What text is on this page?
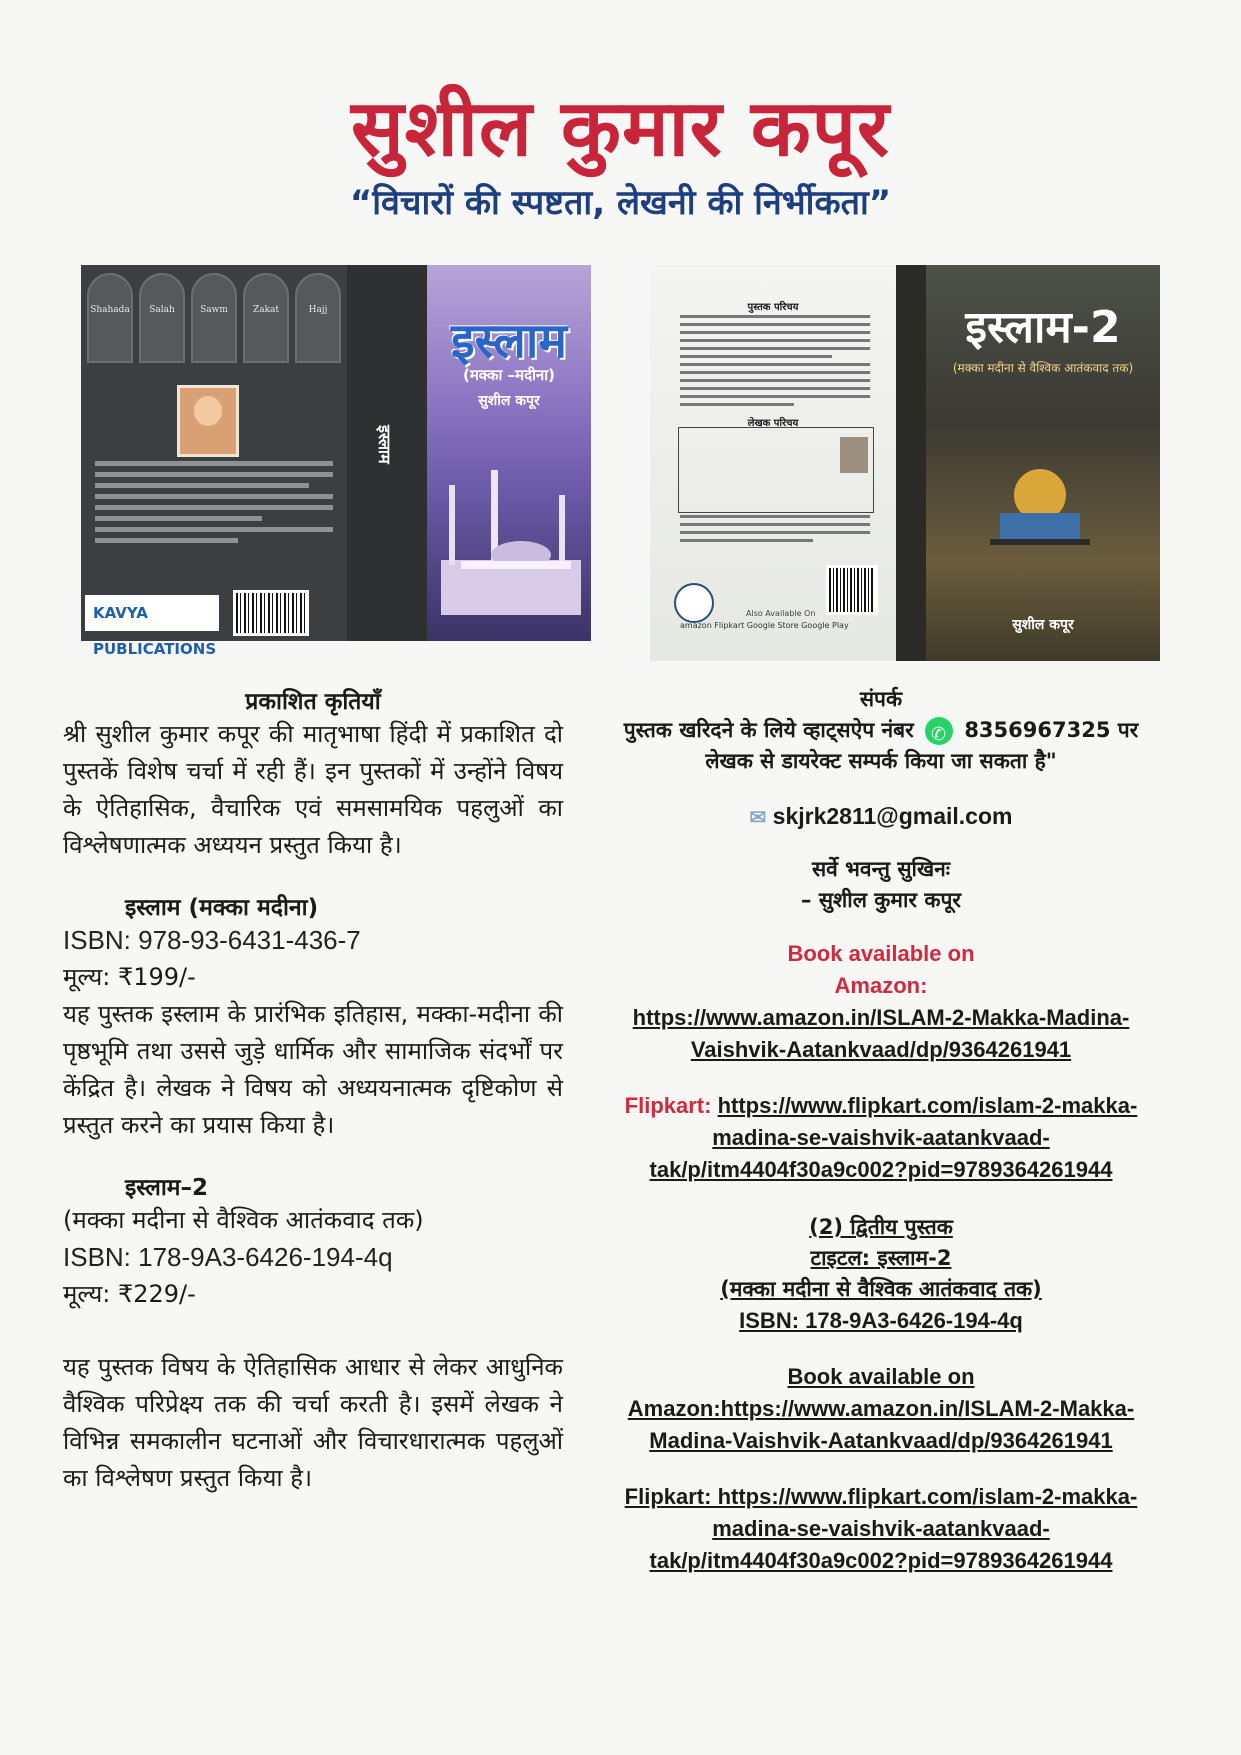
सुशील कुमार कपूर
“विचारों की स्पष्टता, लेखनी की निर्भीकता”
Shahada	Salah	Sawm	Zakat	Hajj
KAVYA PUBLICATIONS
इस्लाम
इस्लाम
(मक्का –मदीना)
सुशील कपूर
पुस्तक परिचय
लेखक परिचय
Also Available On
amazon Flipkart Google Store Google Play
इस्लाम-2
(मक्का मदीना से वैश्विक आतंकवाद तक)
सुशील कपूर
प्रकाशित कृतियाँ
श्री सुशील कुमार कपूर की मातृभाषा हिंदी में प्रकाशित दो पुस्तकें विशेष चर्चा में रही हैं। इन पुस्तकों में उन्होंने विषय के ऐतिहासिक, वैचारिक एवं समसामयिक पहलुओं का विश्लेषणात्मक अध्ययन प्रस्तुत किया है।
इस्लाम (मक्का मदीना)
ISBN: 978-93-6431-436-7
मूल्य: ₹199/-
यह पुस्तक इस्लाम के प्रारंभिक इतिहास, मक्का-मदीना की पृष्ठभूमि तथा उससे जुड़े धार्मिक और सामाजिक संदर्भों पर केंद्रित है। लेखक ने विषय को अध्ययनात्मक दृष्टिकोण से प्रस्तुत करने का प्रयास किया है।
इस्लाम–2
(मक्का मदीना से वैश्विक आतंकवाद तक)
ISBN: 178-9A3-6426-194-4q
मूल्य: ₹229/-
यह पुस्तक विषय के ऐतिहासिक आधार से लेकर आधुनिक वैश्विक परिप्रेक्ष्य तक की चर्चा करती है। इसमें लेखक ने विभिन्न समकालीन घटनाओं और विचारधारात्मक पहलुओं का विश्लेषण प्रस्तुत किया है।
संपर्क
पुस्तक खरिदने के लिये व्हाट्सऐप नंबर ✆ 8356967325 पर
लेखक से डायरेक्ट सम्पर्क किया जा सकता है"
✉ skjrk2811@gmail.com
सर्वे भवन्तु सुखिनः
– सुशील कुमार कपूर
Book available on
Amazon:
https://www.amazon.in/ISLAM-2-Makka-Madina-Vaishvik-Aatankvaad/dp/9364261941
Flipkart: https://www.flipkart.com/islam-2-makka-madina-se-vaishvik-aatankvaad-tak/p/itm4404f30a9c002?pid=9789364261944
(2) द्वितीय पुस्तक
टाइटल: इस्लाम-2
(मक्का मदीना से वैश्विक आतंकवाद तक)
ISBN: 178-9A3-6426-194-4q
Book available on
Amazon:https://www.amazon.in/ISLAM-2-Makka-Madina-Vaishvik-Aatankvaad/dp/9364261941
Flipkart: https://www.flipkart.com/islam-2-makka-madina-se-vaishvik-aatankvaad-tak/p/itm4404f30a9c002?pid=9789364261944
